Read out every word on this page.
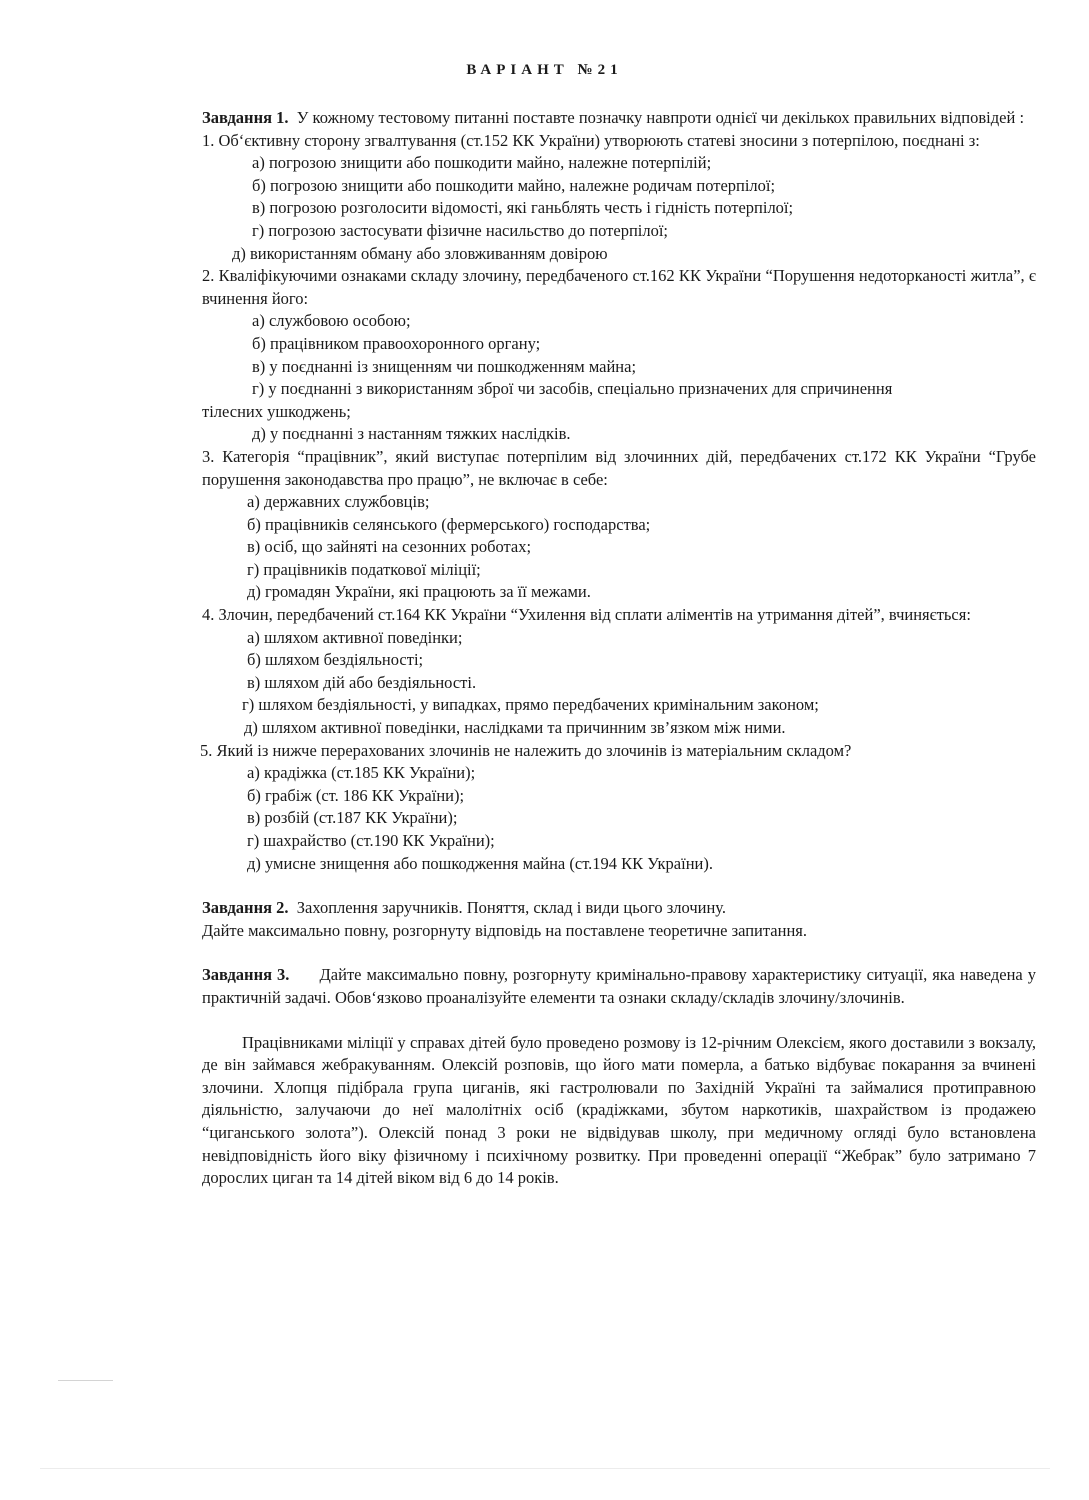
ВАРІАНТ №21

Завдання 1. У кожному тестовому питанні поставте позначку навпроти однієї чи декількох правильних відповідей :

1. Об‘єктивну сторону згвалтування (ст.152 КК України) утворюють статеві зносини з потерпілою, поєднані з:

а) погрозою знищити або пошкодити майно, належне потерпілій;

б) погрозою знищити або пошкодити майно, належне родичам потерпілої;

в) погрозою розголосити відомості, які ганьблять честь і гідність потерпілої;

г) погрозою застосувати фізичне насильство до потерпілої;

д) використанням обману або зловживанням довірою

2. Кваліфікуючими ознаками складу злочину, передбаченого ст.162 КК України “Порушення недоторканості житла”, є вчинення його:

а) службовою особою;

б) працівником правоохоронного органу;

в) у поєднанні із знищенням чи пошкодженням майна;

г) у поєднанні з використанням зброї чи засобів, спеціально призначених для спричинення

тілесних ушкоджень;

д) у поєднанні з настанням тяжких наслідків.

3. Категорія “працівник”, який виступає потерпілим від злочинних дій, передбачених ст.172 КК України “Грубе порушення законодавства про працю”, не включає в себе:

а) державних службовців;

б) працівників селянського (фермерського) господарства;

в) осіб, що зайняті на сезонних роботах;

г) працівників податкової міліції;

д) громадян України, які працюють за її межами.

4. Злочин, передбачений ст.164 КК України “Ухилення від сплати аліментів на утримання дітей”, вчиняється:

а) шляхом активної поведінки;

б) шляхом бездіяльності;

в) шляхом дій або бездіяльності.

г) шляхом бездіяльності, у випадках, прямо передбачених кримінальним законом;

д) шляхом активної поведінки, наслідками та причинним зв’язком між ними.

5. Який із нижче перерахованих злочинів не належить до злочинів із матеріальним складом?

а) крадіжка (ст.185 КК України);

б) грабіж (ст. 186 КК України);

в) розбій (ст.187 КК України);

г) шахрайство (ст.190 КК України);

д) умисне знищення або пошкодження майна (ст.194 КК України).

Завдання 2. Захоплення заручників. Поняття, склад і види цього злочину.

Дайте максимально повну, розгорнуту відповідь на поставлене теоретичне запитання.

Завдання 3. Дайте максимально повну, розгорнуту кримінально-правову характеристику ситуації, яка наведена у практичній задачі. Обов‘язково проаналізуйте елементи та ознаки складу/складів злочину/злочинів.

Працівниками міліції у справах дітей було проведено розмову із 12-річним Олексієм, якого доставили з вокзалу, де він займався жебракуванням. Олексій розповів, що його мати померла, а батько відбуває покарання за вчинені злочини. Хлопця підібрала група циганів, які гастролювали по Західній Україні та займалися протиправною діяльністю, залучаючи до неї малолітніх осіб (крадіжками, збутом наркотиків, шахрайством із продажею “циганського золота”). Олексій понад 3 роки не відвідував школу, при медичному огляді було встановлена невідповідність його віку фізичному і психічному розвитку. При проведенні операції “Жебрак” було затримано 7 дорослих циган та 14 дітей віком від 6 до 14 років.
